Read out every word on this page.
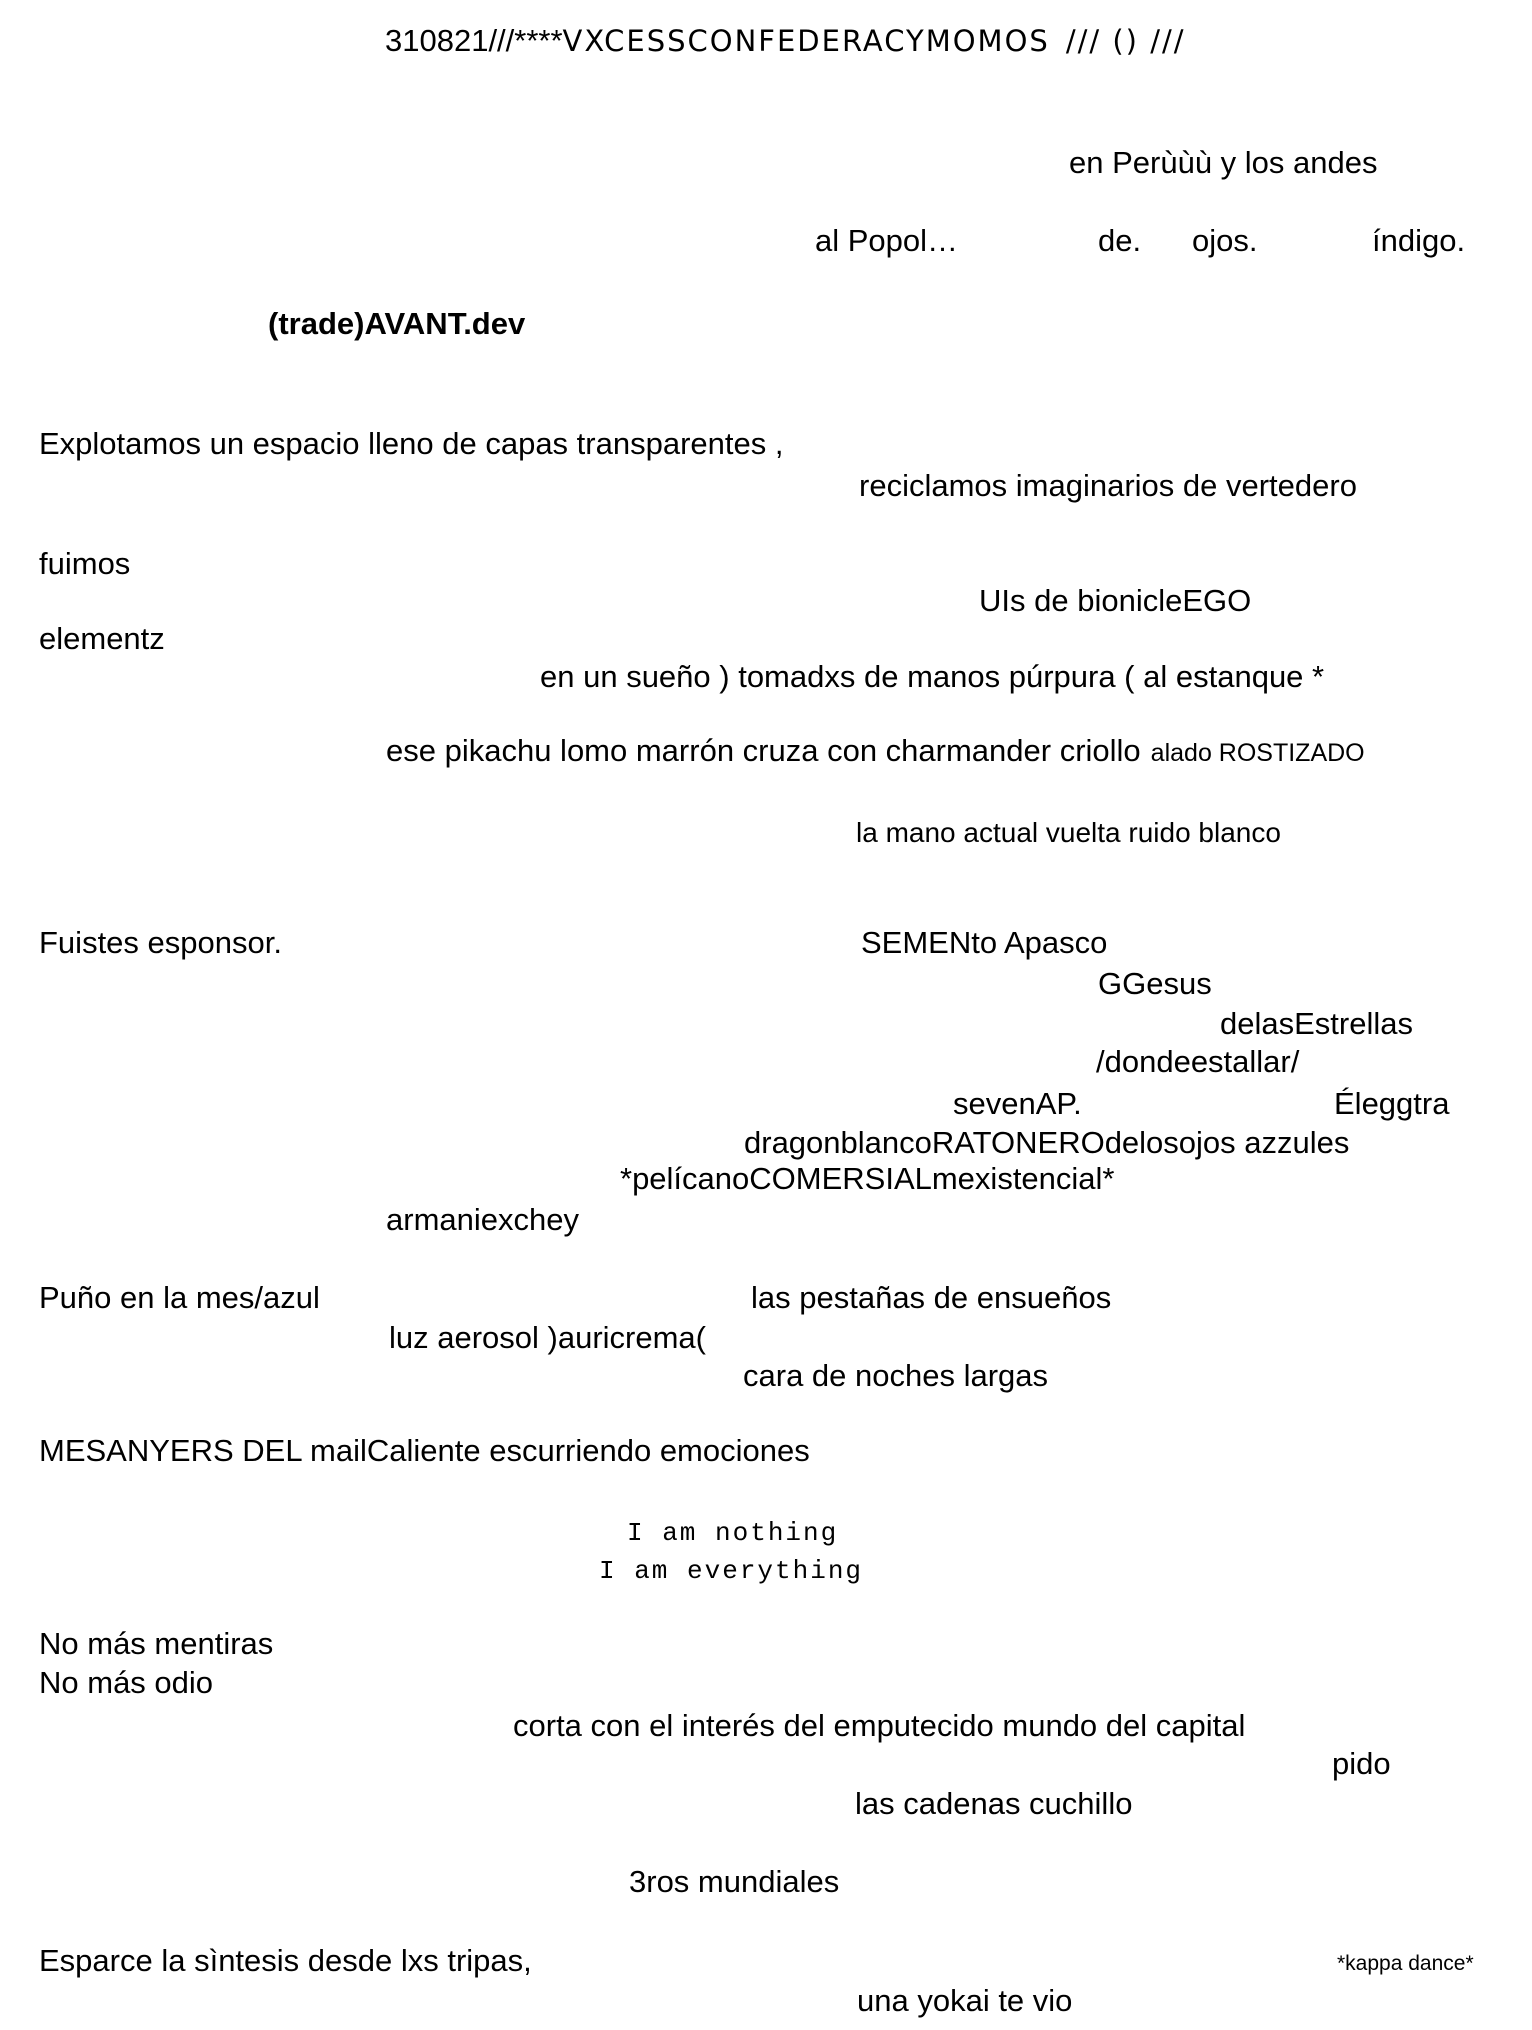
310821///****VXCESSCONFEDERACYMOMOS /// () ///
en Perùùù y los andes
al Popol…	de. ojos.	índigo.
(trade)AVANT.dev
Explotamos un espacio lleno de capas transparentes ,
reciclamos imaginarios de vertedero
fuimos
UIs de bionicleEGO
elementz
en un sueño ) tomadxs de manos púrpura ( al estanque *
ese pikachu lomo marrón cruza con charmander criollo alado ROSTIZADO
la mano actual vuelta ruido blanco
Fuistes esponsor.	SEMENto Apasco
GGesus
delasEstrellas
/dondeestallar/
sevenAP.	Éleggtra
dragonblancoRATONEROdelosojos azzules
*pelícanoCOMERSIALmexistencial*
armaniexchey
Puño en la mes/azul	las pestañas de ensueños
luz aerosol )auricrema(
cara de noches largas
MESANYERS DEL mailCaliente escurriendo emociones
I am nothing
I am everything
No más mentiras
No más odio
corta con el interés del emputecido mundo del capital
pido
las cadenas cuchillo
3ros mundiales
Esparce la sìntesis desde lxs tripas,	*kappa dance*
una yokai te vio
